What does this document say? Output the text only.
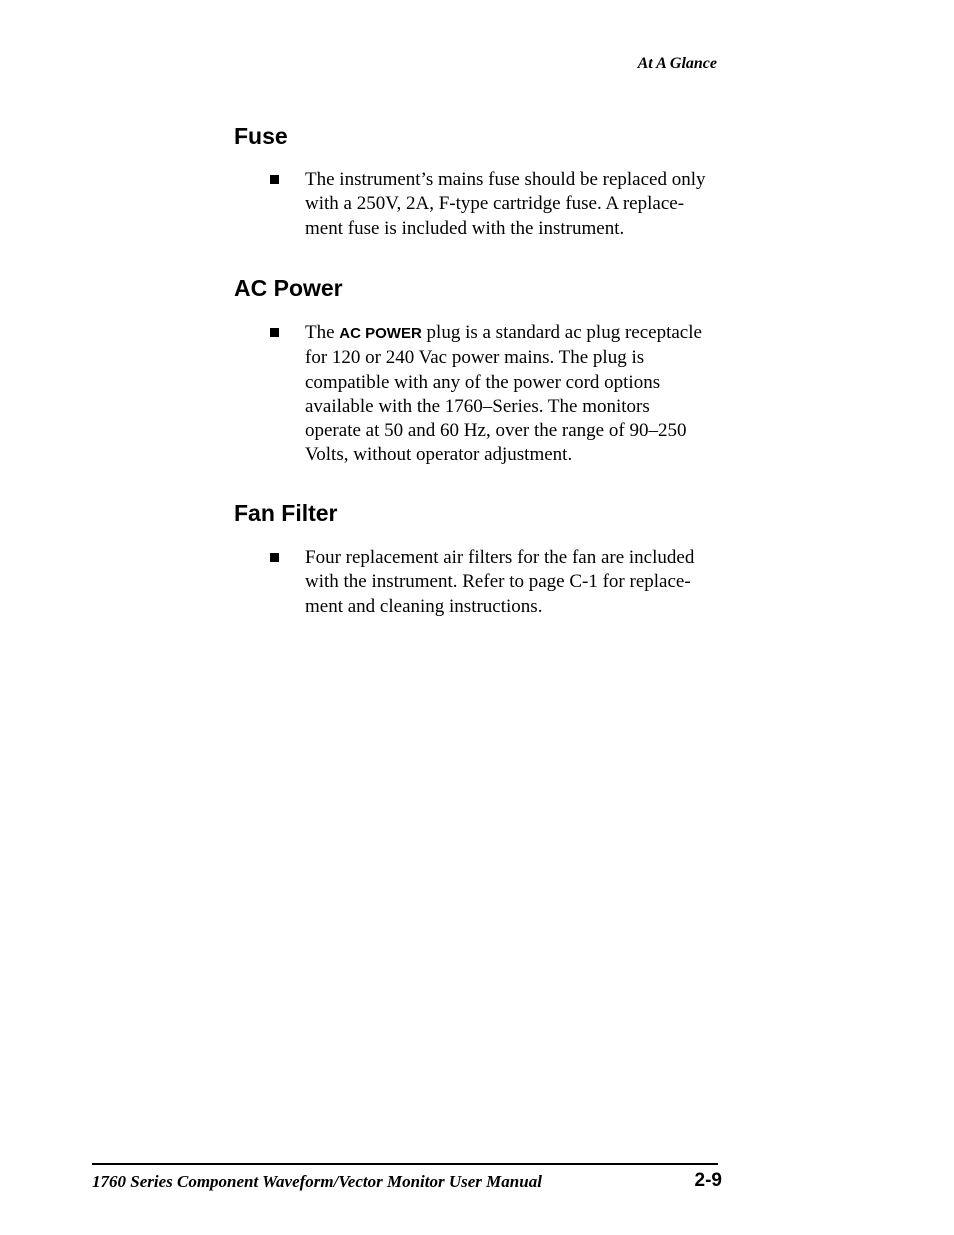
At A Glance
Fuse
The instrument’s mains fuse should be replaced only
with a 250V, 2A, F-type cartridge fuse. A replace-
ment fuse is included with the instrument.
AC Power
The AC POWER plug is a standard ac plug receptacle
for 120 or 240 Vac power mains. The plug is
compatible with any of the power cord options
available with the 1760–Series. The monitors
operate at 50 and 60 Hz, over the range of 90–250
Volts, without operator adjustment.
Fan Filter
Four replacement air filters for the fan are included
with the instrument. Refer to page C-1 for replace-
ment and cleaning instructions.
1760 Series Component Waveform/Vector Monitor User Manual	2-9
